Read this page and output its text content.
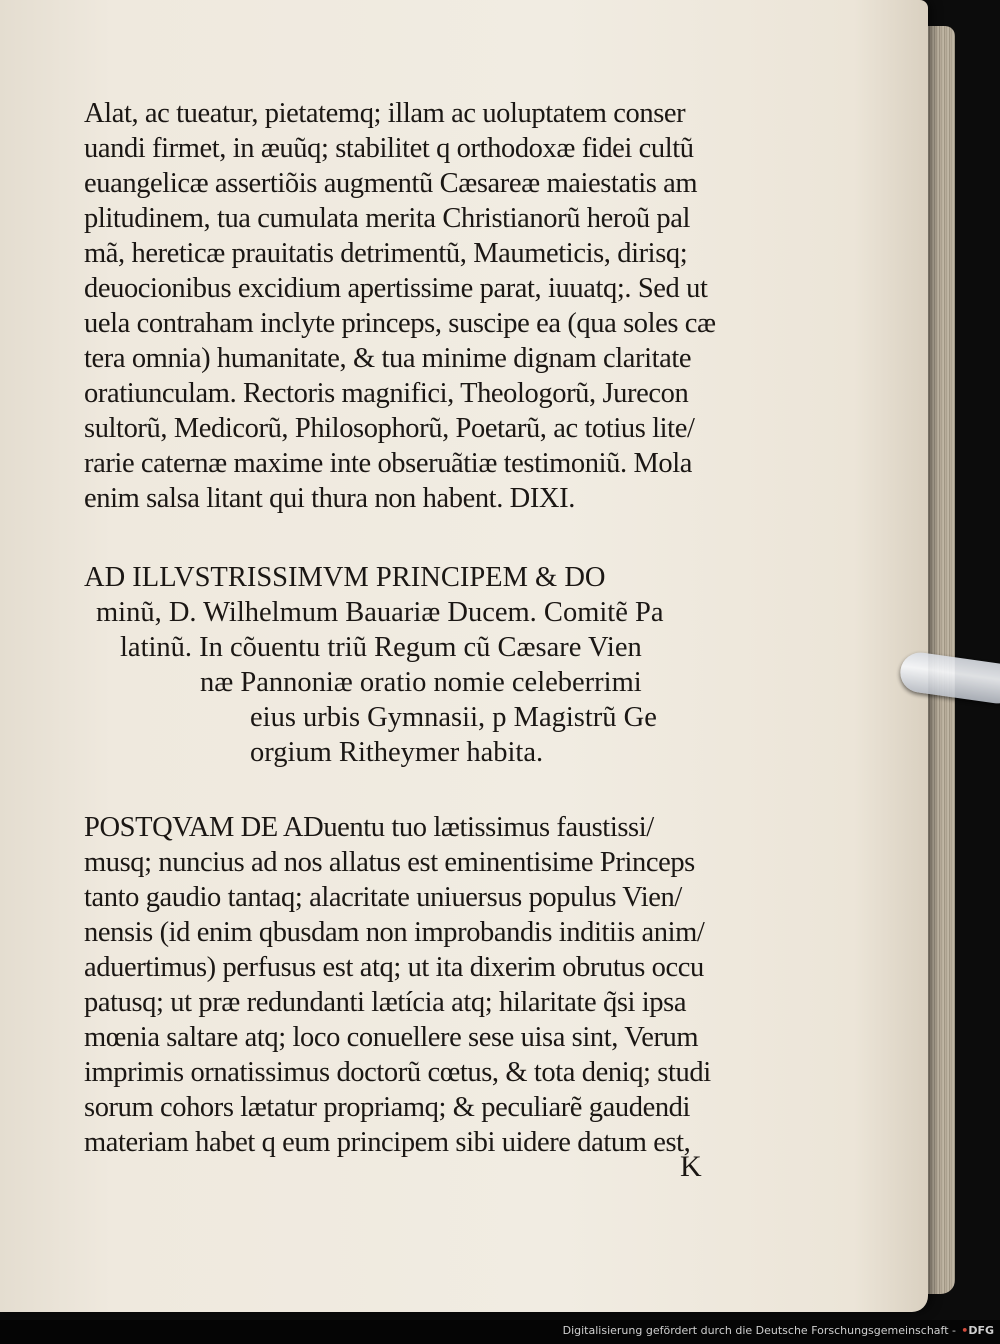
Alat, ac tueatur, pietatemq; illam ac uoluptatem conser
uandi firmet, in æuũq; stabilitet q orthodoxæ fidei cultũ
euangelicæ assertiõis augmentũ Cæsareæ maiestatis am
plitudinem, tua cumulata merita Christianorũ heroũ pal
mã, hereticæ prauitatis detrimentũ, Maumeticis, dirisq;
deuocionibus excidium apertissime parat, iuuatq;. Sed ut
uela contraham inclyte princeps, suscipe ea (qua soles cæ
tera omnia) humanitate, & tua minime dignam claritate
oratiunculam. Rectoris magnifici, Theologorũ, Jurecon
sultorũ, Medicorũ, Philosophorũ, Poetarũ, ac totius lite/
rarie caternæ maxime inte obseruãtiæ testimoniũ. Mola
enim salsa litant qui thura non habent. DIXI.
AD ILLVSTRISSIMVM PRINCIPEM & DO
minũ, D. Wilhelmum Bauariæ Ducem. Comitẽ Pa
latinũ. In cõuentu triũ Regum cũ Cæsare Vien
næ Pannoniæ oratio nomie celeberrimi
eius urbis Gymnasii, p Magistrũ Ge
orgium Ritheymer habita.
POSTQVAM DE ADuentu tuo lætissimus faustissi/
musq; nuncius ad nos allatus est eminentisime Princeps
tanto gaudio tantaq; alacritate uniuersus populus Vien/
nensis (id enim qbusdam non improbandis inditiis anim/
aduertimus) perfusus est atq; ut ita dixerim obrutus occu
patusq; ut præ redundanti lætícia atq; hilaritate q̃si ipsa
mœnia saltare atq; loco conuellere sese uisa sint, Verum
imprimis ornatissimus doctorũ cœtus, & tota deniq; studi
sorum cohors lætatur propriamq; & peculiarẽ gaudendi
materiam habet q eum principem sibi uidere datum est,
K
Digitalisierung gefördert durch die Deutsche Forschungsgemeinschaft - •DFG
